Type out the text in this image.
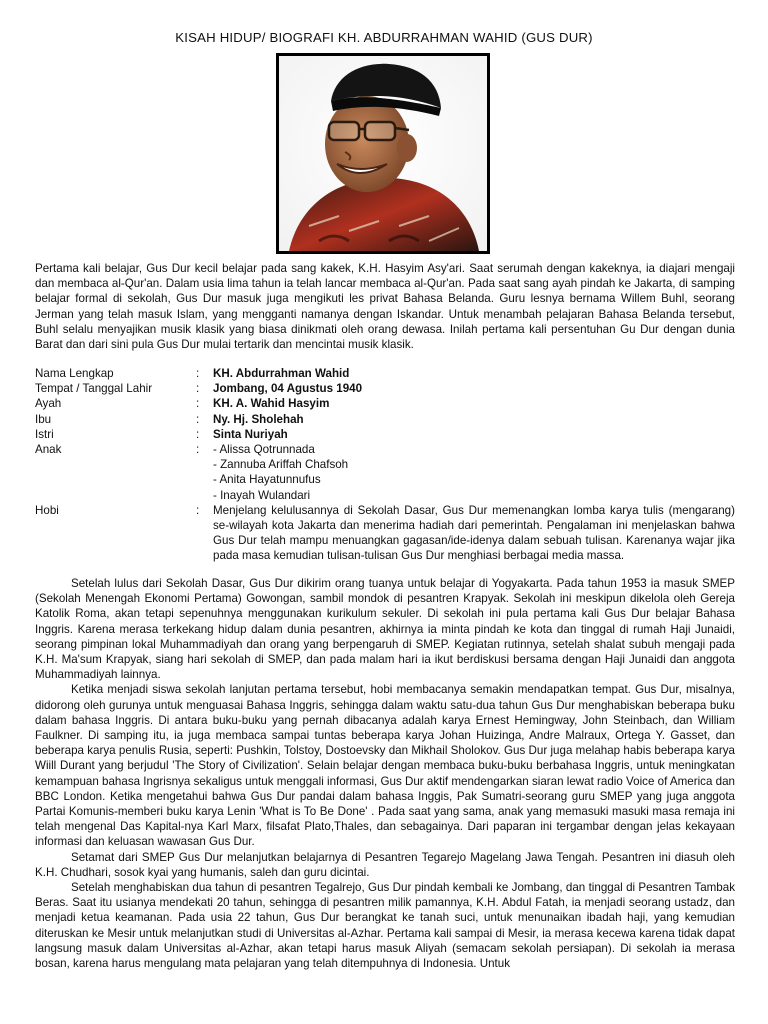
KISAH HIDUP/ BIOGRAFI KH. ABDURRAHMAN WAHID (GUS DUR)
Pertama kali belajar, Gus Dur kecil belajar pada sang kakek, K.H. Hasyim Asy'ari. Saat serumah dengan kakeknya, ia diajari mengaji dan membaca al-Qur'an. Dalam usia lima tahun ia telah lancar membaca al-Qur'an. Pada saat sang ayah pindah ke Jakarta, di samping belajar formal di sekolah, Gus Dur masuk juga mengikuti les privat Bahasa Belanda. Guru lesnya bernama Willem Buhl, seorang Jerman yang telah masuk Islam, yang mengganti namanya dengan Iskandar. Untuk menambah pelajaran Bahasa Belanda tersebut, Buhl selalu menyajikan musik klasik yang biasa dinikmati oleh orang dewasa. Inilah pertama kali persentuhan Gu Dur dengan dunia Barat dan dari sini pula Gus Dur mulai tertarik dan mencintai musik klasik.
Nama Lengkap	:	KH. Abdurrahman Wahid
Tempat / Tanggal Lahir	:	Jombang, 04 Agustus 1940
Ayah	:	KH. A. Wahid Hasyim
Ibu	:	Ny. Hj. Sholehah
Istri	:	Sinta Nuriyah
Anak	:	- Alissa Qotrunnada
- Zannuba Ariffah Chafsoh
- Anita Hayatunnufus
- Inayah Wulandari
Hobi	:	Menjelang kelulusannya di Sekolah Dasar, Gus Dur memenangkan lomba karya tulis (mengarang) se-wilayah kota Jakarta dan menerima hadiah dari pemerintah. Pengalaman ini menjelaskan bahwa Gus Dur telah mampu menuangkan gagasan/ide-idenya dalam sebuah tulisan. Karenanya wajar jika pada masa kemudian tulisan-tulisan Gus Dur menghiasi berbagai media massa.

Setelah lulus dari Sekolah Dasar, Gus Dur dikirim orang tuanya untuk belajar di Yogyakarta. Pada tahun 1953 ia masuk SMEP (Sekolah Menengah Ekonomi Pertama) Gowongan, sambil mondok di pesantren Krapyak. Sekolah ini meskipun dikelola oleh Gereja Katolik Roma, akan tetapi sepenuhnya menggunakan kurikulum sekuler. Di sekolah ini pula pertama kali Gus Dur belajar Bahasa Inggris. Karena merasa terkekang hidup dalam dunia pesantren, akhirnya ia minta pindah ke kota dan tinggal di rumah Haji Junaidi, seorang pimpinan lokal Muhammadiyah dan orang yang berpengaruh di SMEP. Kegiatan rutinnya, setelah shalat subuh mengaji pada K.H. Ma'sum Krapyak, siang hari sekolah di SMEP, dan pada malam hari ia ikut berdiskusi bersama dengan Haji Junaidi dan anggota Muhammadiyah lainnya.

Ketika menjadi siswa sekolah lanjutan pertama tersebut, hobi membacanya semakin mendapatkan tempat. Gus Dur, misalnya, didorong oleh gurunya untuk menguasai Bahasa Inggris, sehingga dalam waktu satu-dua tahun Gus Dur menghabiskan beberapa buku dalam bahasa Inggris. Di antara buku-buku yang pernah dibacanya adalah karya Ernest Hemingway, John Steinbach, dan William Faulkner. Di samping itu, ia juga membaca sampai tuntas beberapa karya Johan Huizinga, Andre Malraux, Ortega Y. Gasset, dan beberapa karya penulis Rusia, seperti: Pushkin, Tolstoy, Dostoevsky dan Mikhail Sholokov. Gus Dur juga melahap habis beberapa karya Wiill Durant yang berjudul 'The Story of Civilization'. Selain belajar dengan membaca buku-buku berbahasa Inggris, untuk meningkatan kemampuan bahasa Ingrisnya sekaligus untuk menggali informasi, Gus Dur aktif mendengarkan siaran lewat radio Voice of America dan BBC London. Ketika mengetahui bahwa Gus Dur pandai dalam bahasa Inggis, Pak Sumatri-seorang guru SMEP yang juga anggota Partai Komunis-memberi buku karya Lenin 'What is To Be Done' . Pada saat yang sama, anak yang memasuki masuki masa remaja ini telah mengenal Das Kapital-nya Karl Marx, filsafat Plato,Thales, dan sebagainya. Dari paparan ini tergambar dengan jelas kekayaan informasi dan keluasan wawasan Gus Dur.

Setamat dari SMEP Gus Dur melanjutkan belajarnya di Pesantren Tegarejo Magelang Jawa Tengah. Pesantren ini diasuh oleh K.H. Chudhari, sosok kyai yang humanis, saleh dan guru dicintai.

Setelah menghabiskan dua tahun di pesantren Tegalrejo, Gus Dur pindah kembali ke Jombang, dan tinggal di Pesantren Tambak Beras. Saat itu usianya mendekati 20 tahun, sehingga di pesantren milik pamannya, K.H. Abdul Fatah, ia menjadi seorang ustadz, dan menjadi ketua keamanan. Pada usia 22 tahun, Gus Dur berangkat ke tanah suci, untuk menunaikan ibadah haji, yang kemudian diteruskan ke Mesir untuk melanjutkan studi di Universitas al-Azhar. Pertama kali sampai di Mesir, ia merasa kecewa karena tidak dapat langsung masuk dalam Universitas al-Azhar, akan tetapi harus masuk Aliyah (semacam sekolah persiapan). Di sekolah ia merasa bosan, karena harus mengulang mata pelajaran yang telah ditempuhnya di Indonesia. Untuk
